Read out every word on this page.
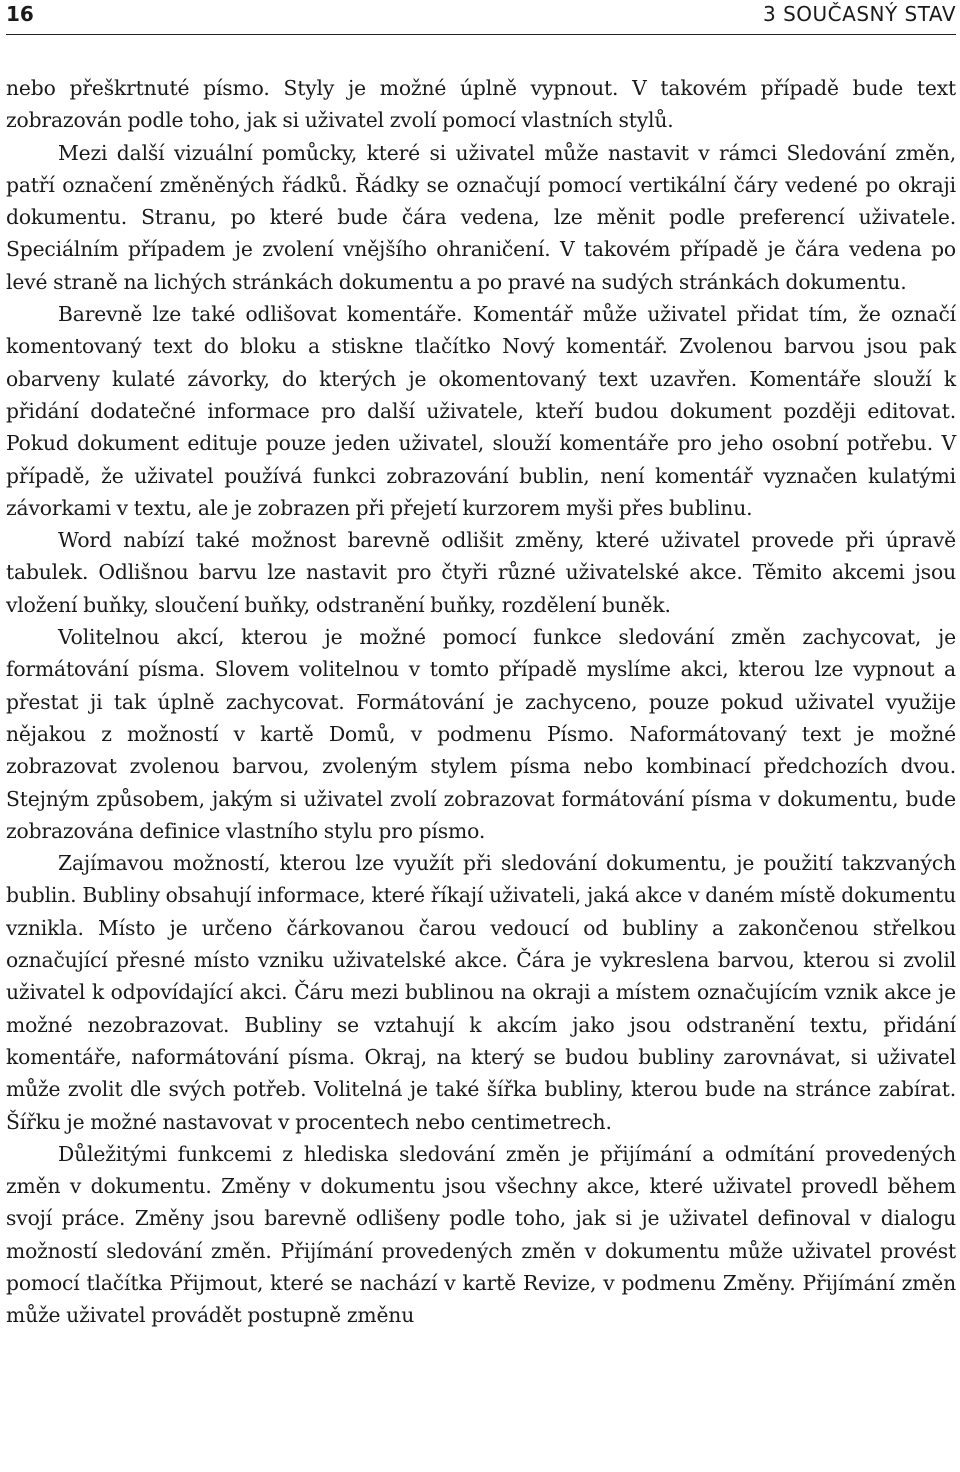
16	3 SOUČASNÝ STAV

nebo přeškrtnuté písmo. Styly je možné úplně vypnout. V takovém případě bude text zobrazován podle toho, jak si uživatel zvolí pomocí vlastních stylů.

Mezi další vizuální pomůcky, které si uživatel může nastavit v rámci Sledování změn, patří označení změněných řádků. Řádky se označují pomocí vertikální čáry vedené po okraji dokumentu. Stranu, po které bude čára vedena, lze měnit podle preferencí uživatele. Speciálním případem je zvolení vnějšího ohraničení. V takovém případě je čára vedena po levé straně na lichých stránkách dokumentu a po pravé na sudých stránkách dokumentu.

Barevně lze také odlišovat komentáře. Komentář může uživatel přidat tím, že označí komentovaný text do bloku a stiskne tlačítko Nový komentář. Zvolenou barvou jsou pak obarveny kulaté závorky, do kterých je okomentovaný text uzavřen. Komentáře slouží k přidání dodatečné informace pro další uživatele, kteří budou dokument později editovat. Pokud dokument edituje pouze jeden uživatel, slouží komentáře pro jeho osobní potřebu. V případě, že uživatel používá funkci zobrazování bublin, není komentář vyznačen kulatými závorkami v textu, ale je zobrazen při přejetí kurzorem myši přes bublinu.

Word nabízí také možnost barevně odlišit změny, které uživatel provede při úpravě tabulek. Odlišnou barvu lze nastavit pro čtyři různé uživatelské akce. Těmito akcemi jsou vložení buňky, sloučení buňky, odstranění buňky, rozdělení buněk.

Volitelnou akcí, kterou je možné pomocí funkce sledování změn zachycovat, je formátování písma. Slovem volitelnou v tomto případě myslíme akci, kterou lze vypnout a přestat ji tak úplně zachycovat. Formátování je zachyceno, pouze pokud uživatel využije nějakou z možností v kartě Domů, v podmenu Písmo. Naformátovaný text je možné zobrazovat zvolenou barvou, zvoleným stylem písma nebo kombinací předchozích dvou. Stejným způsobem, jakým si uživatel zvolí zobrazovat formátování písma v dokumentu, bude zobrazována definice vlastního stylu pro písmo.

Zajímavou možností, kterou lze využít při sledování dokumentu, je použití takzvaných bublin. Bubliny obsahují informace, které říkají uživateli, jaká akce v daném místě dokumentu vznikla. Místo je určeno čárkovanou čarou vedoucí od bubliny a zakončenou střelkou označující přesné místo vzniku uživatelské akce. Čára je vykreslena barvou, kterou si zvolil uživatel k odpovídající akci. Čáru mezi bublinou na okraji a místem označujícím vznik akce je možné nezobrazovat. Bubliny se vztahují k akcím jako jsou odstranění textu, přidání komentáře, naformátování písma. Okraj, na který se budou bubliny zarovnávat, si uživatel může zvolit dle svých potřeb. Volitelná je také šířka bubliny, kterou bude na stránce zabírat. Šířku je možné nastavovat v procentech nebo centimetrech.

Důležitými funkcemi z hlediska sledování změn je přijímání a odmítání provedených změn v dokumentu. Změny v dokumentu jsou všechny akce, které uživatel provedl během svojí práce. Změny jsou barevně odlišeny podle toho, jak si je uživatel definoval v dialogu možností sledování změn. Přijímání provedených změn v dokumentu může uživatel provést pomocí tlačítka Přijmout, které se nachází v kartě Revize, v podmenu Změny. Přijímání změn může uživatel provádět postupně změnu
